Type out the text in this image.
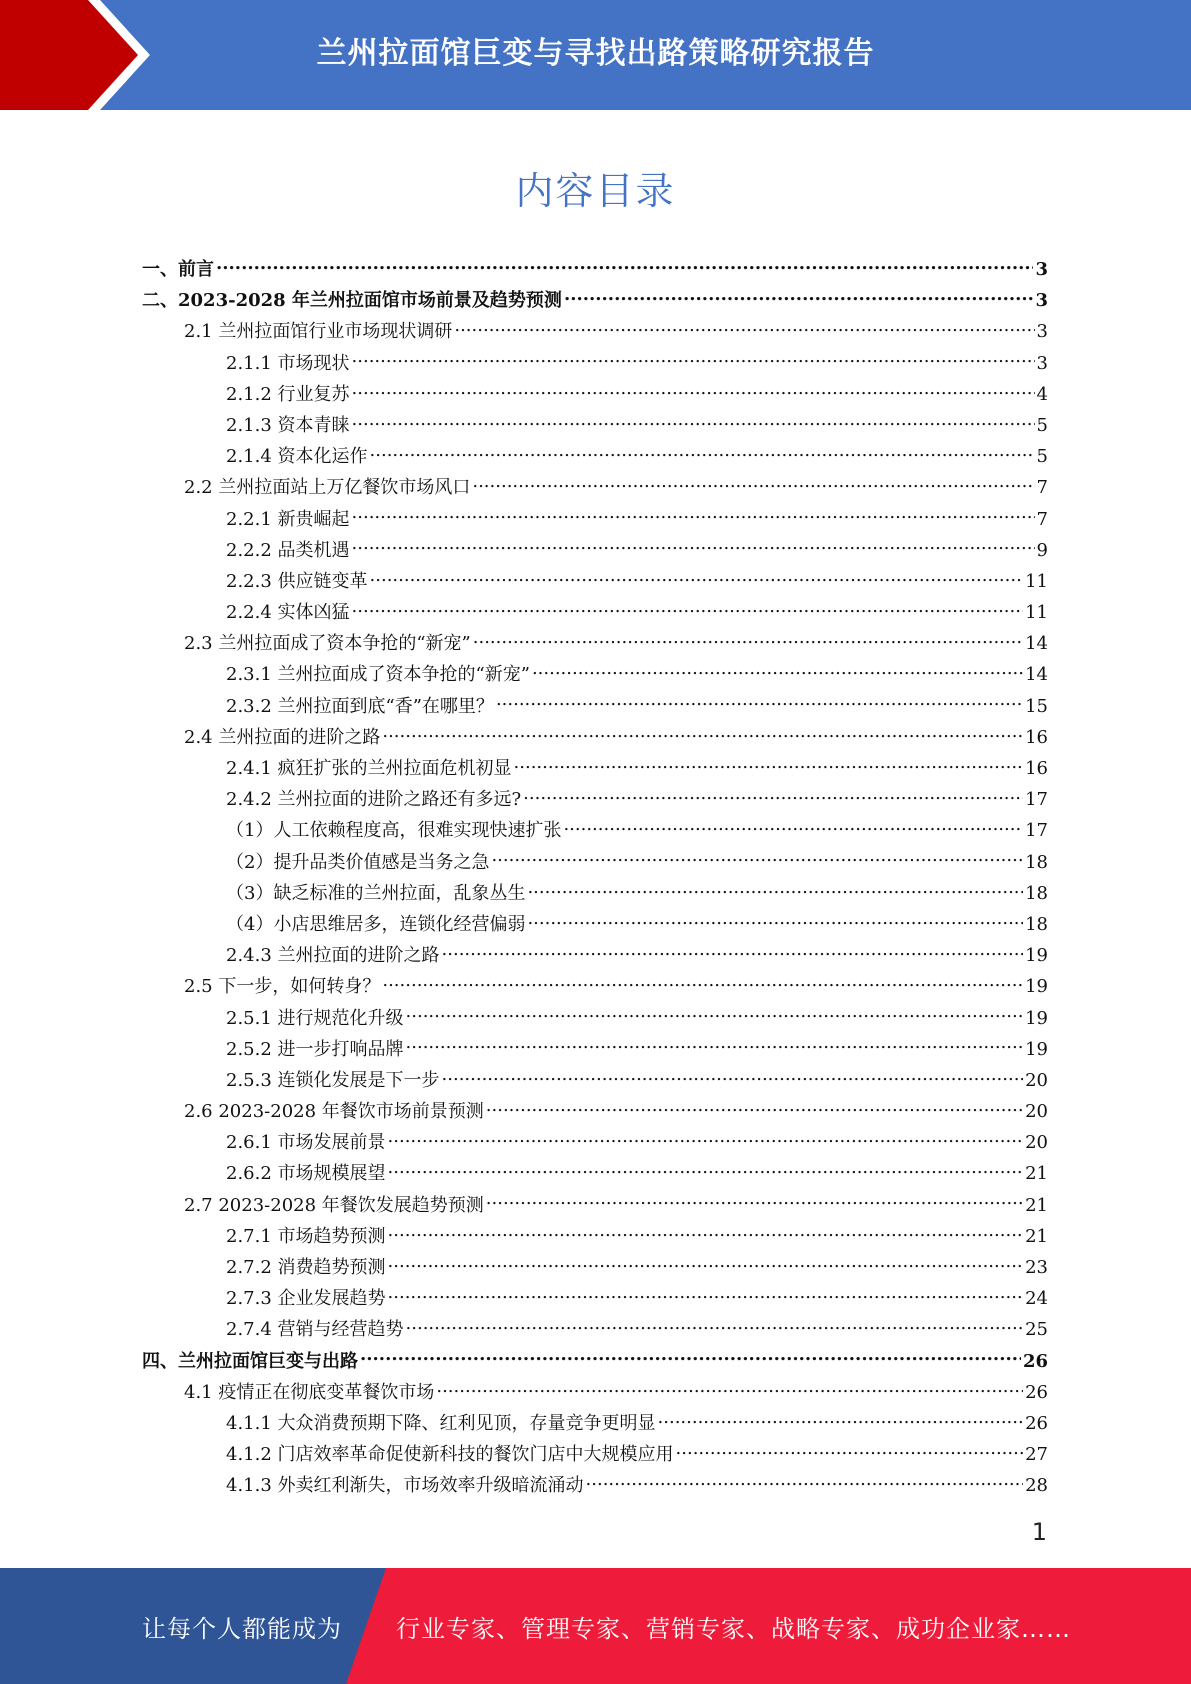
兰州拉面馆巨变与寻找出路策略研究报告
内容目录
一、前言 .....	3
二、2023-2028 年兰州拉面馆市场前景及趋势预测 .....	3
2.1 兰州拉面馆行业市场现状调研 .....	3
2.1.1 市场现状 .....	3
2.1.2 行业复苏 .....	4
2.1.3 资本青睐 .....	5
2.1.4 资本化运作 .....	5
2.2 兰州拉面站上万亿餐饮市场风口 .....	7
2.2.1 新贵崛起 .....	7
2.2.2 品类机遇 .....	9
2.2.3 供应链变革 .....	11
2.2.4 实体凶猛 .....	11
2.3 兰州拉面成了资本争抢的“新宠” .....	14
2.3.1 兰州拉面成了资本争抢的“新宠” .....	14
2.3.2 兰州拉面到底“香”在哪里？ .....	15
2.4 兰州拉面的进阶之路 .....	16
2.4.1 疯狂扩张的兰州拉面危机初显 .....	16
2.4.2 兰州拉面的进阶之路还有多远? .....	17
（1）人工依赖程度高，很难实现快速扩张 .....	17
（2）提升品类价值感是当务之急 .....	18
（3）缺乏标准的兰州拉面，乱象丛生 .....	18
（4）小店思维居多，连锁化经营偏弱 .....	18
2.4.3 兰州拉面的进阶之路 .....	19
2.5 下一步，如何转身？ .....	19
2.5.1 进行规范化升级 .....	19
2.5.2 进一步打响品牌 .....	19
2.5.3 连锁化发展是下一步 .....	20
2.6 2023-2028 年餐饮市场前景预测 .....	20
2.6.1 市场发展前景 .....	20
2.6.2 市场规模展望 .....	21
2.7 2023-2028 年餐饮发展趋势预测 .....	21
2.7.1 市场趋势预测 .....	21
2.7.2 消费趋势预测 .....	23
2.7.3 企业发展趋势 .....	24
2.7.4 营销与经营趋势 .....	25
四、兰州拉面馆巨变与出路 .....	26
4.1 疫情正在彻底变革餐饮市场 .....	26
4.1.1 大众消费预期下降、红利见顶，存量竞争更明显 .....	26
4.1.2 门店效率革命促使新科技的餐饮门店中大规模应用 .....	27
4.1.3 外卖红利渐失，市场效率升级暗流涌动 .....	28
1
让每个人都能成为 行业专家、管理专家、营销专家、战略专家、成功企业家……
